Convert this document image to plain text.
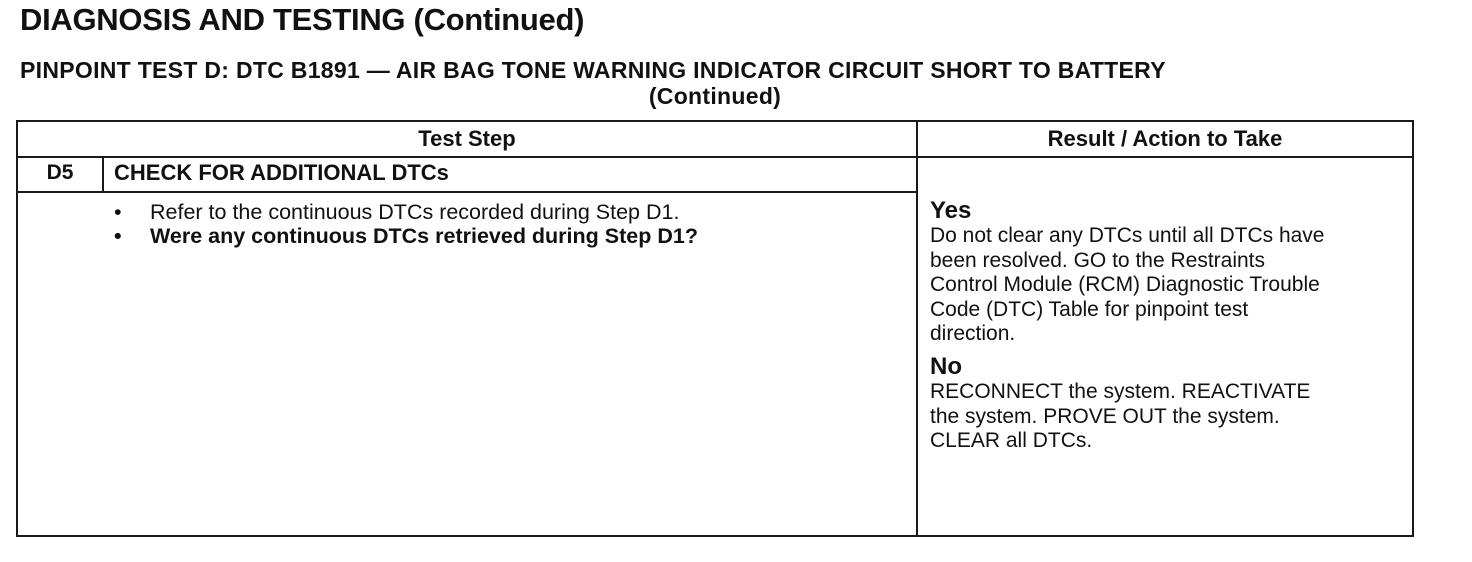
DIAGNOSIS AND TESTING (Continued)
PINPOINT TEST D: DTC B1891 — AIR BAG TONE WARNING INDICATOR CIRCUIT SHORT TO BATTERY
(Continued)
Test Step	Result / Action to Take
D5	CHECK FOR ADDITIONAL DTCs
• Refer to the continuous DTCs recorded during Step D1.
• Were any continuous DTCs retrieved during Step D1?
Yes
Do not clear any DTCs until all DTCs have
been resolved. GO to the Restraints
Control Module (RCM) Diagnostic Trouble
Code (DTC) Table for pinpoint test
direction.
No
RECONNECT the system. REACTIVATE
the system. PROVE OUT the system.
CLEAR all DTCs.
